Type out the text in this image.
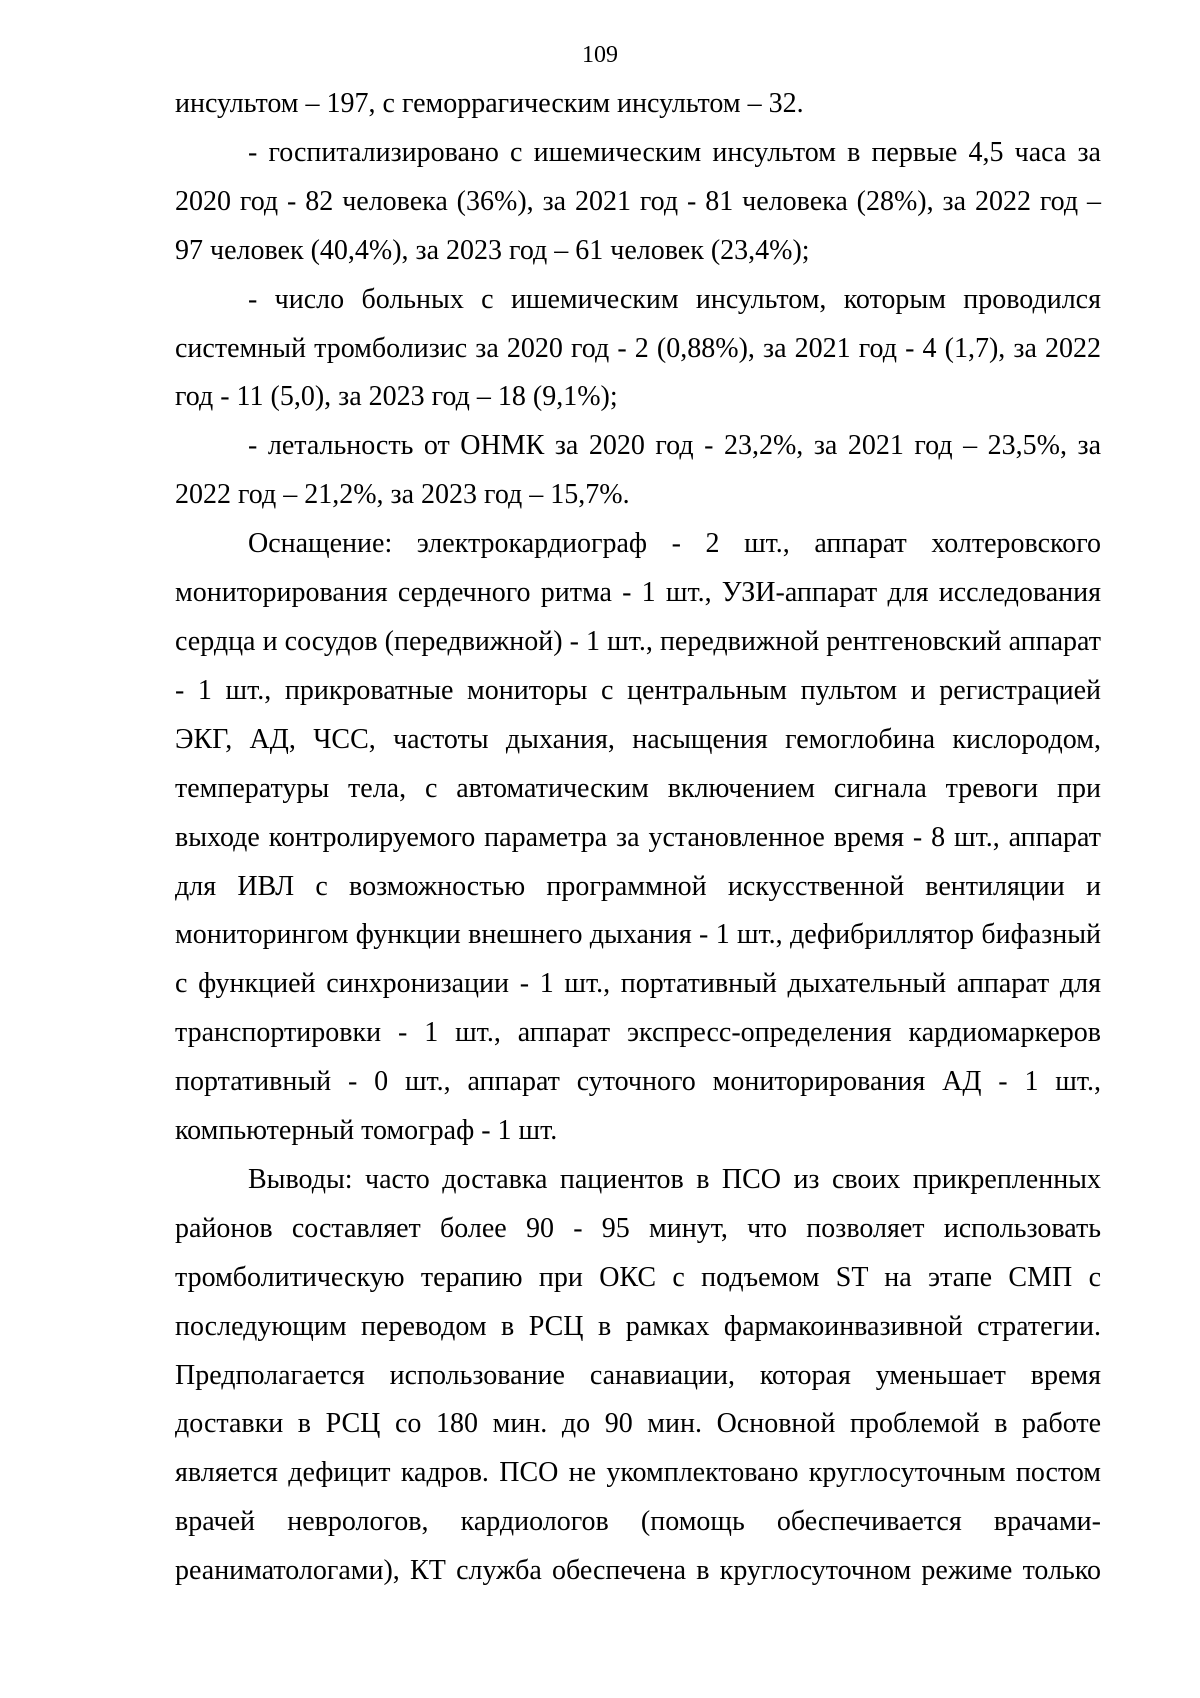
109

инсультом – 197, с геморрагическим инсультом – 32.

- госпитализировано с ишемическим инсультом в первые 4,5 часа за 2020 год - 82 человека (36%), за 2021 год - 81 человека (28%), за 2022 год – 97 человек (40,4%), за 2023 год – 61 человек (23,4%);

- число больных с ишемическим инсультом, которым проводился системный тромболизис за 2020 год - 2 (0,88%), за 2021 год - 4 (1,7), за 2022 год - 11 (5,0), за 2023 год – 18 (9,1%);

- летальность от ОНМК за 2020 год - 23,2%, за 2021 год – 23,5%, за 2022 год – 21,2%, за 2023 год – 15,7%.

Оснащение: электрокардиограф - 2 шт., аппарат холтеровского мониторирования сердечного ритма - 1 шт., УЗИ-аппарат для исследования сердца и сосудов (передвижной) - 1 шт., передвижной рентгеновский аппарат - 1 шт., прикроватные мониторы с центральным пультом и регистрацией ЭКГ, АД, ЧСС, частоты дыхания, насыщения гемоглобина кислородом, температуры тела, с автоматическим включением сигнала тревоги при выходе контролируемого параметра за установленное время - 8 шт., аппарат для ИВЛ с возможностью программной искусственной вентиляции и мониторингом функции внешнего дыхания - 1 шт., дефибриллятор бифазный с функцией синхронизации - 1 шт., портативный дыхательный аппарат для транспортировки - 1 шт., аппарат экспресс-определения кардиомаркеров портативный - 0 шт., аппарат суточного мониторирования АД - 1 шт., компьютерный томограф - 1 шт.

Выводы: часто доставка пациентов в ПСО из своих прикрепленных районов составляет более 90 - 95 минут, что позволяет использовать тромболитическую терапию при ОКС с подъемом ST на этапе СМП с последующим переводом в РСЦ в рамках фармакоинвазивной стратегии. Предполагается использование санавиации, которая уменьшает время доставки в РСЦ со 180 мин. до 90 мин. Основной проблемой в работе является дефицит кадров. ПСО не укомплектовано круглосуточным постом врачей неврологов, кардиологов (помощь обеспечивается врачами-реаниматологами), КТ служба обеспечена в круглосуточном режиме только
